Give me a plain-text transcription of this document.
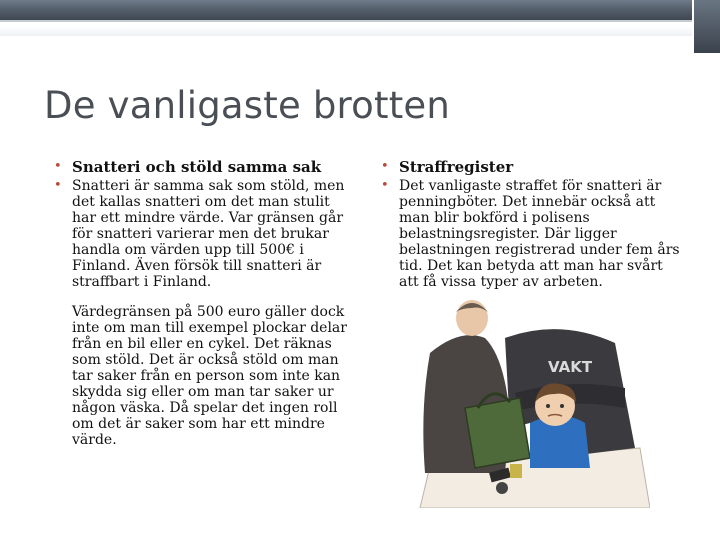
De vanligaste brotten
• Snatteri och stöld samma sak
• Snatteri är samma sak som stöld, men det kallas snatteri om det man stulit har ett mindre värde. Var gränsen går för snatteri varierar men det brukar handla om värden upp till 500€ i Finland. Även försök till snatteri är straffbart i Finland.
Värdegränsen på 500 euro gäller dock inte om man till exempel plockar delar från en bil eller en cykel. Det räknas som stöld. Det är också stöld om man tar saker från en person som inte kan skydda sig eller om man tar saker ur någon väska. Då spelar det ingen roll om det är saker som har ett mindre värde.
• Straffregister
• Det vanligaste straffet för snatteri är penningböter. Det innebär också att man blir bokförd i polisens belastningsregister. Där ligger belastningen registrerad under fem års tid. Det kan betyda att man har svårt att få vissa typer av arbeten.
VAKT
